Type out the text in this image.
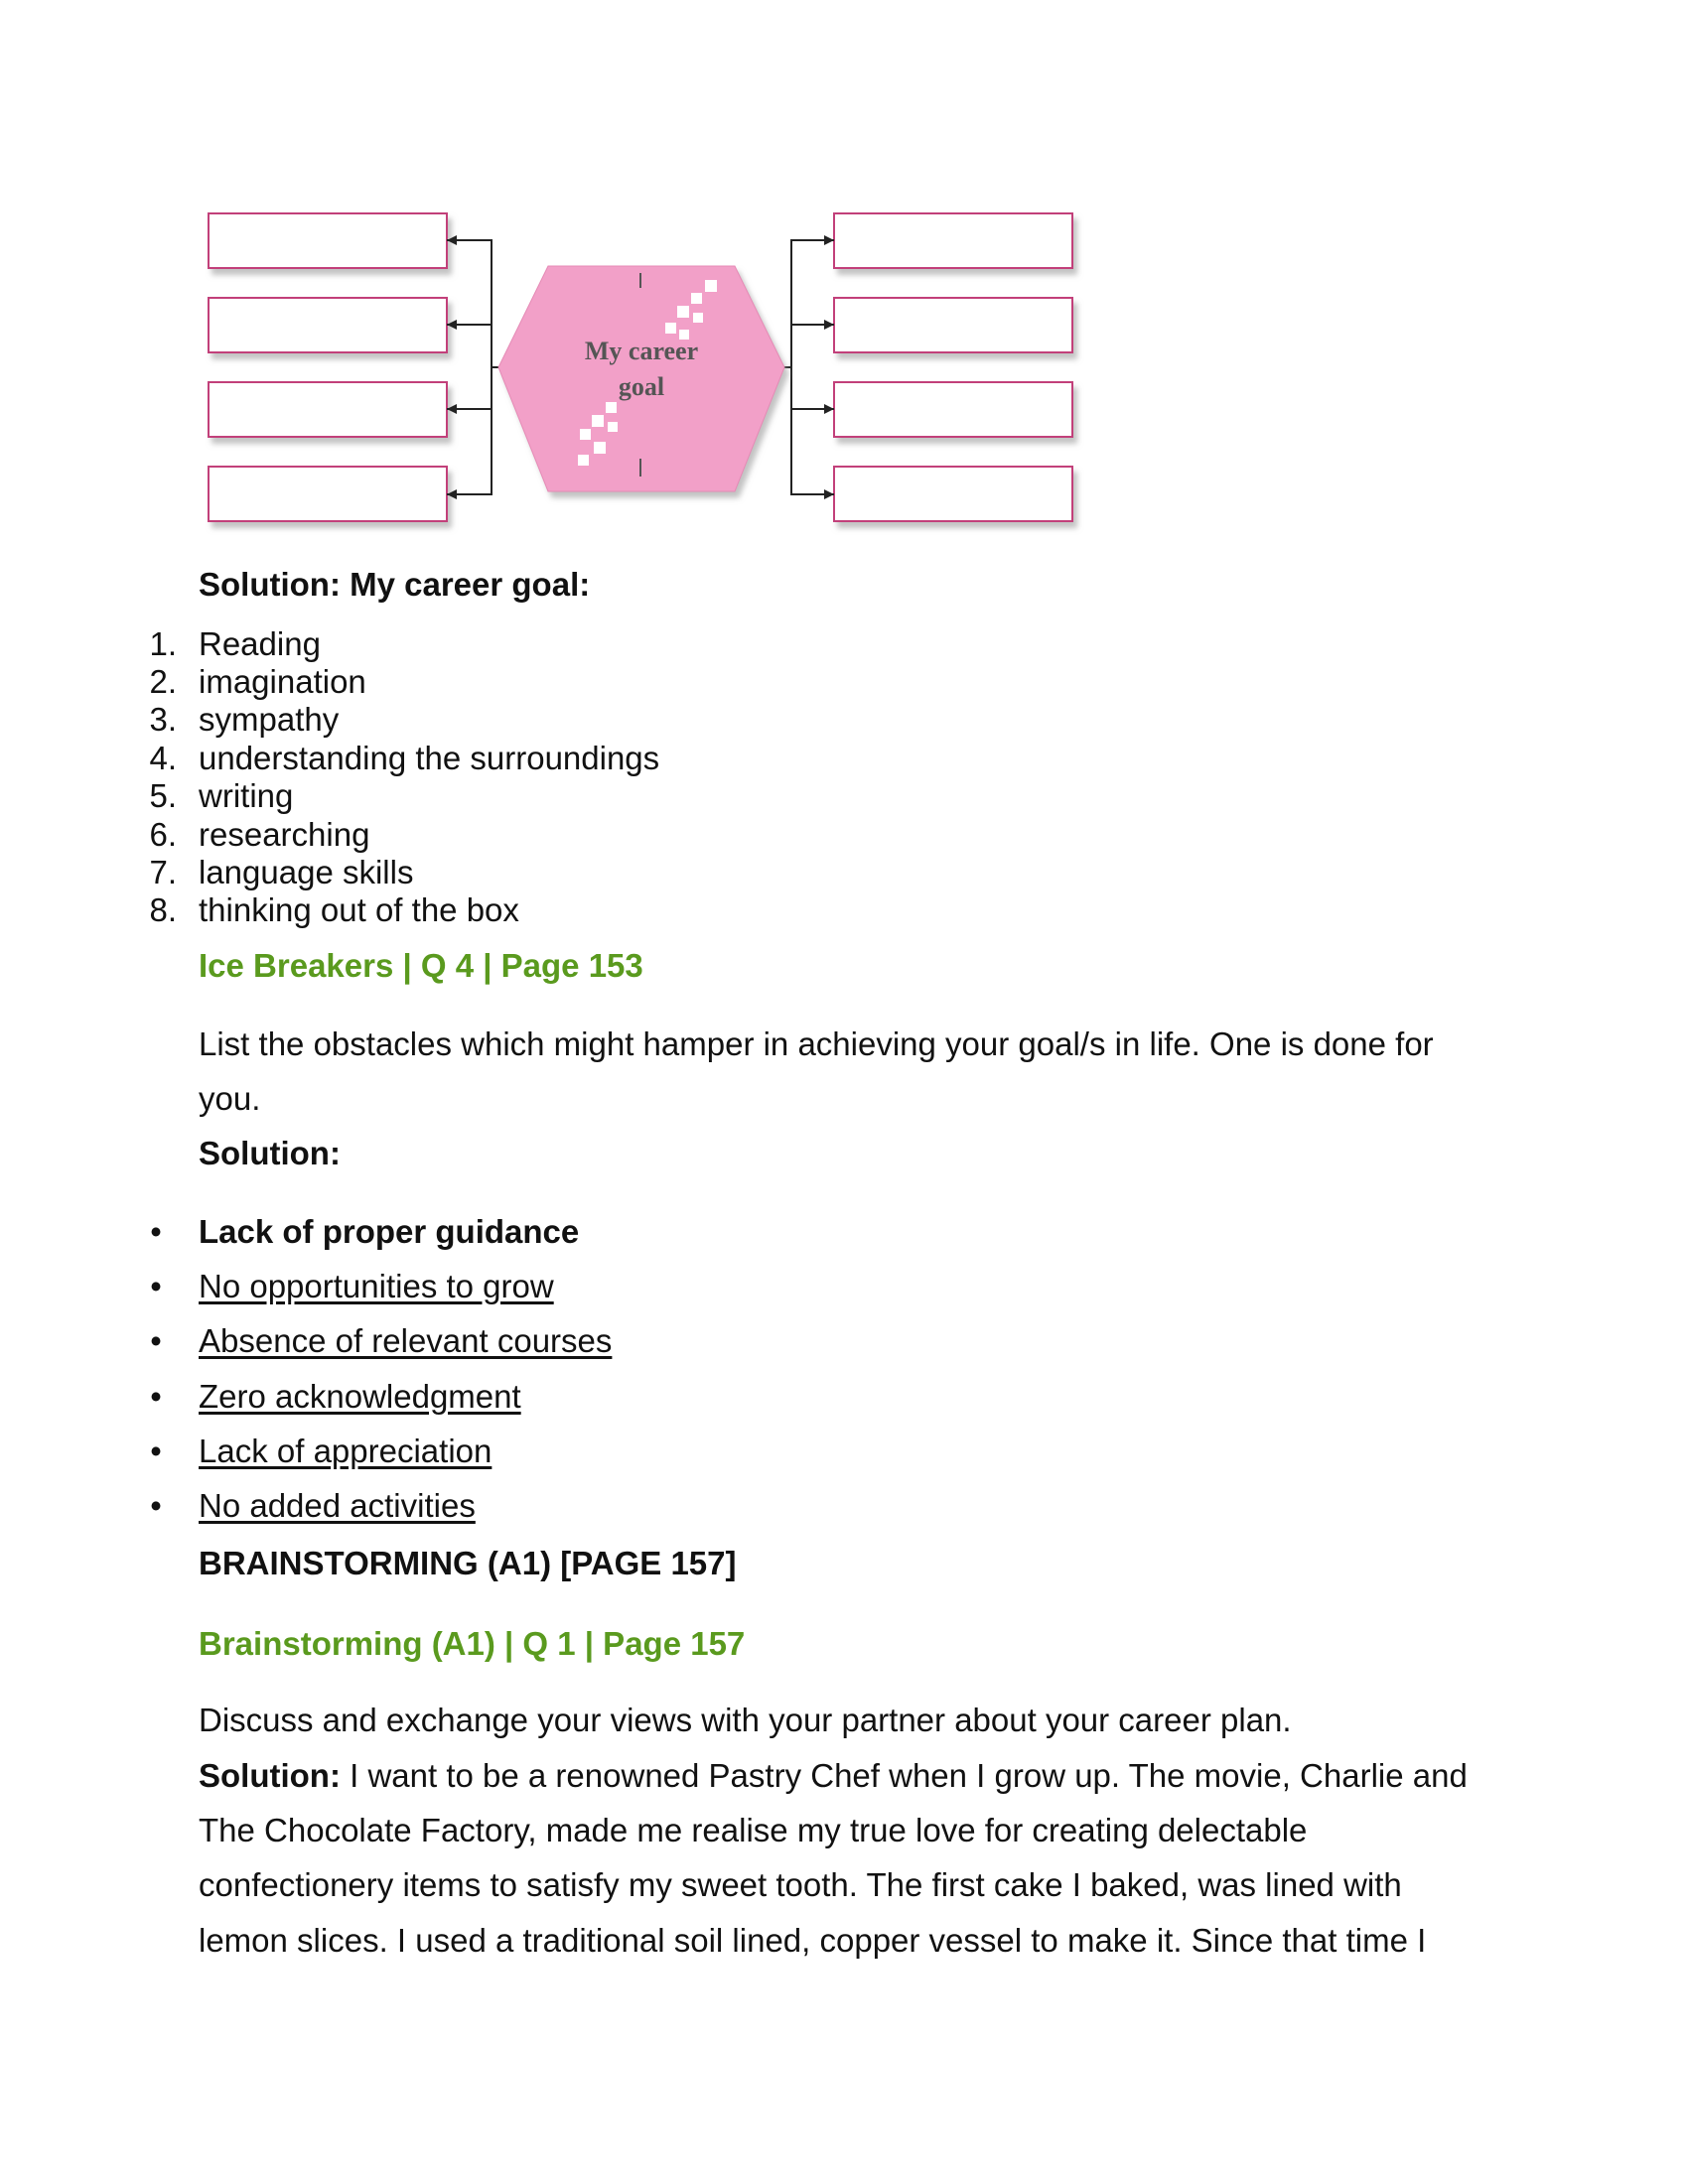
My career
goal
Solution: My career goal:
1. Reading
2. imagination
3. sympathy
4. understanding the surroundings
5. writing
6. researching
7. language skills
8. thinking out of the box
Ice Breakers | Q 4 | Page 153
List the obstacles which might hamper in achieving your goal/s in life. One is done for
you.
Solution:
• Lack of proper guidance
• No opportunities to grow
• Absence of relevant courses
• Zero acknowledgment
• Lack of appreciation
• No added activities
BRAINSTORMING (A1) [PAGE 157]
Brainstorming (A1) | Q 1 | Page 157
Discuss and exchange your views with your partner about your career plan.
Solution: I want to be a renowned Pastry Chef when I grow up. The movie, Charlie and
The Chocolate Factory, made me realise my true love for creating delectable
confectionery items to satisfy my sweet tooth. The first cake I baked, was lined with
lemon slices. I used a traditional soil lined, copper vessel to make it. Since that time I
